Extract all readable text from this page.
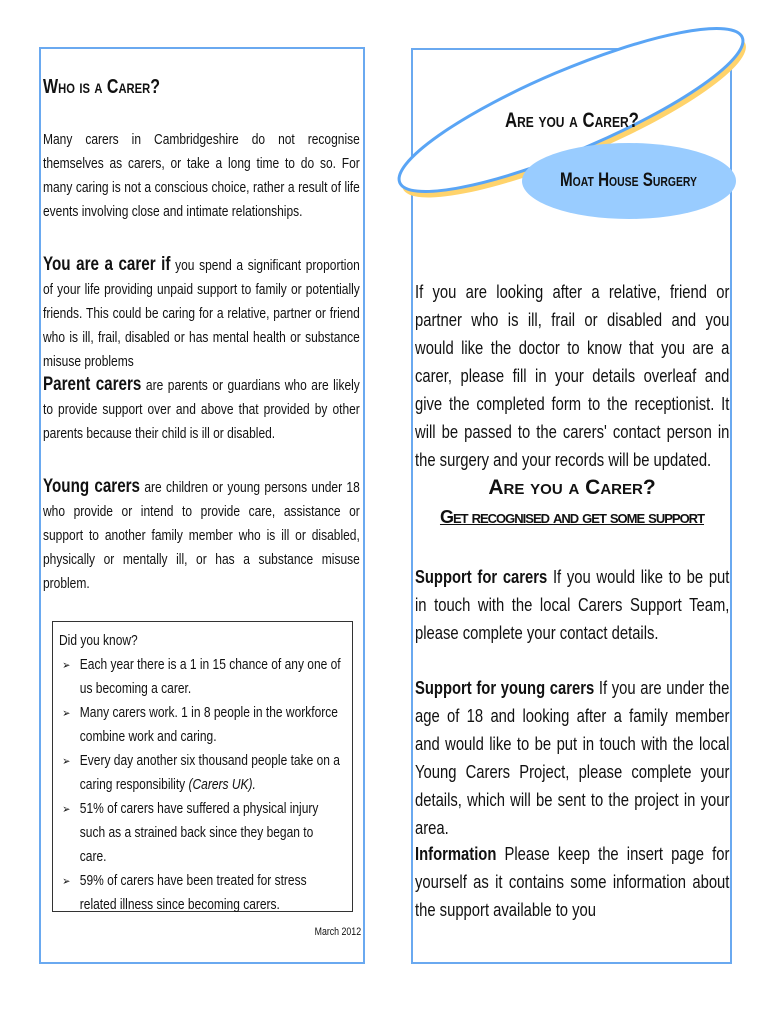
Who is a Carer?
Many carers in Cambridgeshire do not recognise themselves as carers, or take a long time to do so. For many caring is not a conscious choice, rather a result of life events involving close and intimate relationships.
You are a carer if you spend a significant proportion of your life providing unpaid support to family or potentially friends. This could be caring for a relative, partner or friend who is ill, frail, disabled or has mental health or substance misuse problems
Parent carers are parents or guardians who are likely to provide support over and above that provided by other parents because their child is ill or disabled.
Young carers are children or young persons under 18 who provide or intend to provide care, assistance or support to another family member who is ill or disabled, physically or mentally ill, or has a substance misuse problem.
Did you know?
➢ Each year there is a 1 in 15 chance of any one of us becoming a carer.
➢ Many carers work. 1 in 8 people in the workforce combine work and caring.
➢ Every day another six thousand people take on a caring responsibility (Carers UK).
➢ 51% of carers have suffered a physical injury such as a strained back since they began to care.
➢ 59% of carers have been treated for stress related illness since becoming carers.
March 2012
Are you a Carer?
Moat House Surgery
If you are looking after a relative, friend or partner who is ill, frail or disabled and you would like the doctor to know that you are a carer, please fill in your details overleaf and give the completed form to the receptionist. It will be passed to the carers' contact person in the surgery and your records will be updated.
Are you a Carer?
Get recognised and get some support
Support for carers If you would like to be put in touch with the local Carers Support Team, please complete your contact details.
Support for young carers If you are under the age of 18 and looking after a family member and would like to be put in touch with the local Young Carers Project, please complete your details, which will be sent to the project in your area.
Information Please keep the insert page for yourself as it contains some information about the support available to you
